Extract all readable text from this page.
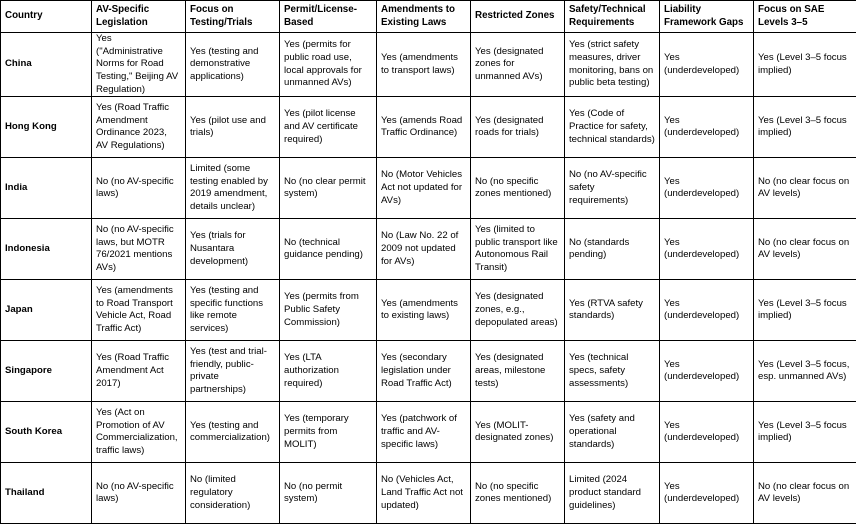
Country	AV-Specific Legislation	Focus on Testing/Trials	Permit/License-Based	Amendments to Existing Laws	Restricted Zones	Safety/Technical Requirements	Liability Framework Gaps	Focus on SAE Levels 3–5
China	Yes ("Administrative Norms for Road Testing," Beijing AV Regulation)	Yes (testing and demonstrative applications)	Yes (permits for public road use, local approvals for unmanned AVs)	Yes (amendments to transport laws)	Yes (designated zones for unmanned AVs)	Yes (strict safety measures, driver monitoring, bans on public beta testing)	Yes (underdeveloped)	Yes (Level 3–5 focus implied)
Hong Kong	Yes (Road Traffic Amendment Ordinance 2023, AV Regulations)	Yes (pilot use and trials)	Yes (pilot license and AV certificate required)	Yes (amends Road Traffic Ordinance)	Yes (designated roads for trials)	Yes (Code of Practice for safety, technical standards)	Yes (underdeveloped)	Yes (Level 3–5 focus implied)
India	No (no AV-specific laws)	Limited (some testing enabled by 2019 amendment, details unclear)	No (no clear permit system)	No (Motor Vehicles Act not updated for AVs)	No (no specific zones mentioned)	No (no AV-specific safety requirements)	Yes (underdeveloped)	No (no clear focus on AV levels)
Indonesia	No (no AV-specific laws, but MOTR 76/2021 mentions AVs)	Yes (trials for Nusantara development)	No (technical guidance pending)	No (Law No. 22 of 2009 not updated for AVs)	Yes (limited to public transport like Autonomous Rail Transit)	No (standards pending)	Yes (underdeveloped)	No (no clear focus on AV levels)
Japan	Yes (amendments to Road Transport Vehicle Act, Road Traffic Act)	Yes (testing and specific functions like remote services)	Yes (permits from Public Safety Commission)	Yes (amendments to existing laws)	Yes (designated zones, e.g., depopulated areas)	Yes (RTVA safety standards)	Yes (underdeveloped)	Yes (Level 3–5 focus implied)
Singapore	Yes (Road Traffic Amendment Act 2017)	Yes (test and trial-friendly, public-private partnerships)	Yes (LTA authorization required)	Yes (secondary legislation under Road Traffic Act)	Yes (designated areas, milestone tests)	Yes (technical specs, safety assessments)	Yes (underdeveloped)	Yes (Level 3–5 focus, esp. unmanned AVs)
South Korea	Yes (Act on Promotion of AV Commercialization, traffic laws)	Yes (testing and commercialization)	Yes (temporary permits from MOLIT)	Yes (patchwork of traffic and AV-specific laws)	Yes (MOLIT-designated zones)	Yes (safety and operational standards)	Yes (underdeveloped)	Yes (Level 3–5 focus implied)
Thailand	No (no AV-specific laws)	No (limited regulatory consideration)	No (no permit system)	No (Vehicles Act, Land Traffic Act not updated)	No (no specific zones mentioned)	Limited (2024 product standard guidelines)	Yes (underdeveloped)	No (no clear focus on AV levels)
